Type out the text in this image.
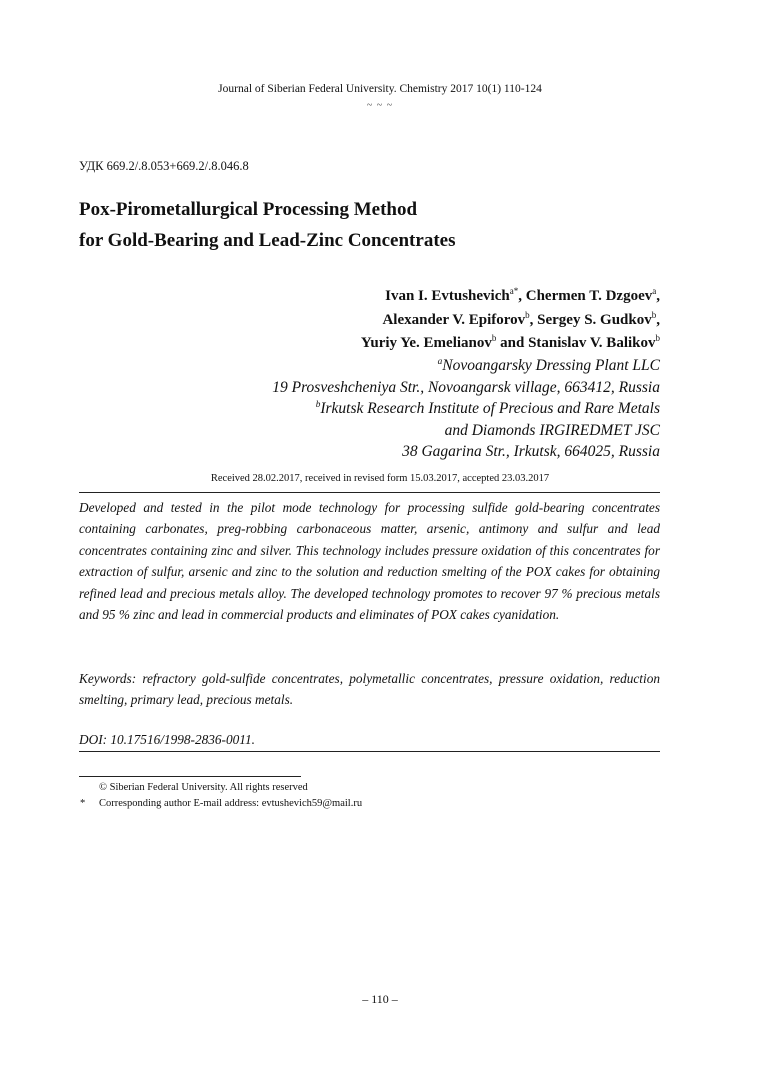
Journal of Siberian Federal University. Chemistry 2017 10(1) 110-124
~ ~ ~
УДК 669.2/.8.053+669.2/.8.046.8
Pox-Pirometallurgical Processing Method
for Gold-Bearing and Lead-Zinc Concentrates
Ivan I. Evtushevich$^{a*}$, Chermen T. Dzgoev$^a$,
Alexander V. Epiforov$^b$, Sergey S. Gudkov$^b$,
Yuriy Ye. Emelianov$^b$ and Stanislav V. Balikov$^b$
$^a$Novoangarsky Dressing Plant LLC
19 Prosveshcheniya Str., Novoangarsk village, 663412, Russia
$^b$Irkutsk Research Institute of Precious and Rare Metals
and Diamonds IRGIREDMET JSC
38 Gagarina Str., Irkutsk, 664025, Russia
Received 28.02.2017, received in revised form 15.03.2017, accepted 23.03.2017
Developed and tested in the pilot mode technology for processing sulfide gold-bearing concentrates containing carbonates, preg-robbing carbonaceous matter, arsenic, antimony and sulfur and lead concentrates containing zinc and silver. This technology includes pressure oxidation of this concentrates for extraction of sulfur, arsenic and zinc to the solution and reduction smelting of the POX cakes for obtaining refined lead and precious metals alloy. The developed technology promotes to recover 97 % precious metals and 95 % zinc and lead in commercial products and eliminates of POX cakes cyanidation.
Keywords: refractory gold-sulfide concentrates, polymetallic concentrates, pressure oxidation, reduction smelting, primary lead, precious metals.
DOI: 10.17516/1998-2836-0011.
© Siberian Federal University. All rights reserved
* Corresponding author E-mail address: evtushevich59@mail.ru
– 110 –
